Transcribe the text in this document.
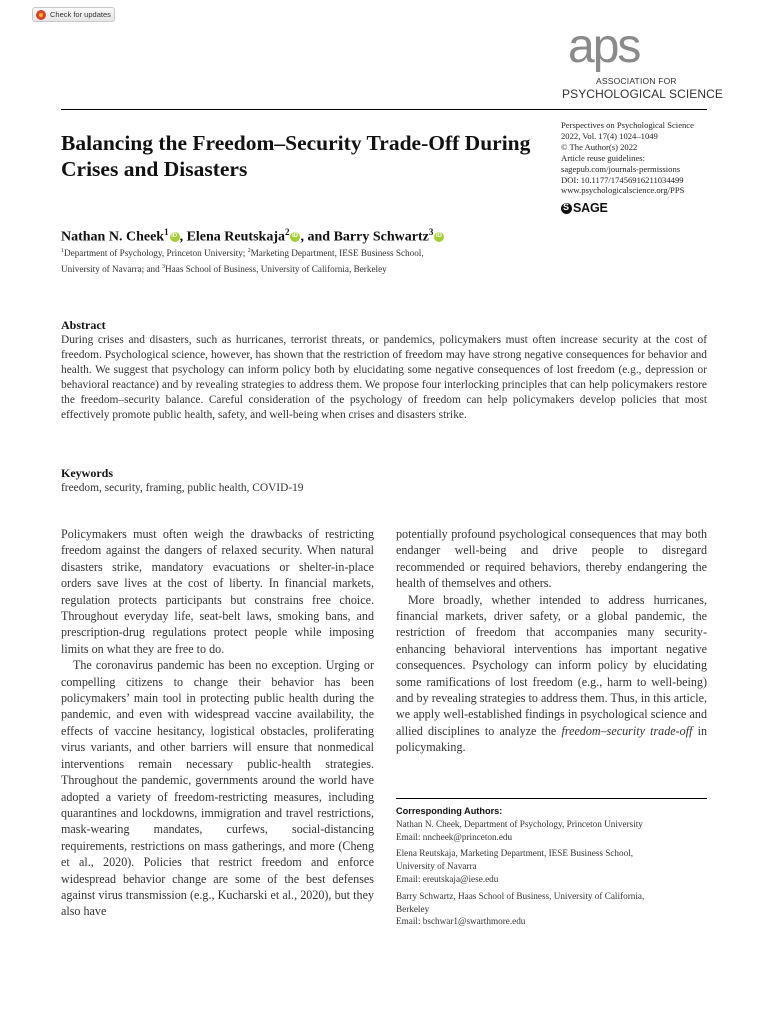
Check for updates
aps
ASSOCIATION FOR
PSYCHOLOGICAL SCIENCE
Balancing the Freedom–Security Trade-Off During Crises and Disasters
Perspectives on Psychological Science
2022, Vol. 17(4) 1024–1049
© The Author(s) 2022
Article reuse guidelines:
sagepub.com/journals-permissions
DOI: 10.1177/17456916211034499
www.psychologicalscience.org/PPS
S
SAGE
Nathan N. Cheek$^1$ iD , Elena Reutskaja$^2$ iD , and Barry Schwartz$^3$iD
$^1$Department of Psychology, Princeton University; $^2$Marketing Department, IESE Business School,
University of Navarra; and $^3$Haas School of Business, University of California, Berkeley
Abstract
During crises and disasters, such as hurricanes, terrorist threats, or pandemics, policymakers must often increase security at the cost of freedom. Psychological science, however, has shown that the restriction of freedom may have strong negative consequences for behavior and health. We suggest that psychology can inform policy both by elucidating some negative consequences of lost freedom (e.g., depression or behavioral reactance) and by revealing strategies to address them. We propose four interlocking principles that can help policymakers restore the freedom–security balance. Careful consideration of the psychology of freedom can help policymakers develop policies that most effectively promote public health, safety, and well-being when crises and disasters strike.
Keywords
freedom, security, framing, public health, COVID-19

Policymakers must often weigh the drawbacks of restricting freedom against the dangers of relaxed security. When natural disasters strike, mandatory evacuations or shelter-in-place orders save lives at the cost of liberty. In financial markets, regulation protects participants but constrains free choice. Throughout everyday life, seat-belt laws, smoking bans, and prescription-drug regulations protect people while imposing limits on what they are free to do.

The coronavirus pandemic has been no exception. Urging or compelling citizens to change their behavior has been policymakers’ main tool in protecting public health during the pandemic, and even with widespread vaccine availability, the effects of vaccine hesitancy, logistical obstacles, proliferating virus variants, and other barriers will ensure that nonmedical interventions remain necessary public-health strategies. Throughout the pandemic, governments around the world have adopted a variety of freedom-restricting measures, including quarantines and lockdowns, immigration and travel restrictions, mask-wearing mandates, curfews, social-distancing requirements, restrictions on mass gatherings, and more (Cheng et al., 2020). Policies that restrict freedom and enforce widespread behavior change are some of the best defenses against virus transmission (e.g., Kucharski et al., 2020), but they also have

potentially profound psychological consequences that may both endanger well-being and drive people to disregard recommended or required behaviors, thereby endangering the health of themselves and others.

More broadly, whether intended to address hurricanes, financial markets, driver safety, or a global pandemic, the restriction of freedom that accompanies many security-enhancing behavioral interventions has important negative consequences. Psychology can inform policy by elucidating some ramifications of lost freedom (e.g., harm to well-being) and by revealing strategies to address them. Thus, in this article, we apply well-established findings in psychological science and allied disciplines to analyze the freedom–security trade-off in policymaking.

Corresponding Authors:
Nathan N. Cheek, Department of Psychology, Princeton University
Email: nncheek@princeton.edu
Elena Reutskaja, Marketing Department, IESE Business School,
University of Navarra
Email: ereutskaja@iese.edu
Barry Schwartz, Haas School of Business, University of California,
Berkeley
Email: bschwar1@swarthmore.edu
